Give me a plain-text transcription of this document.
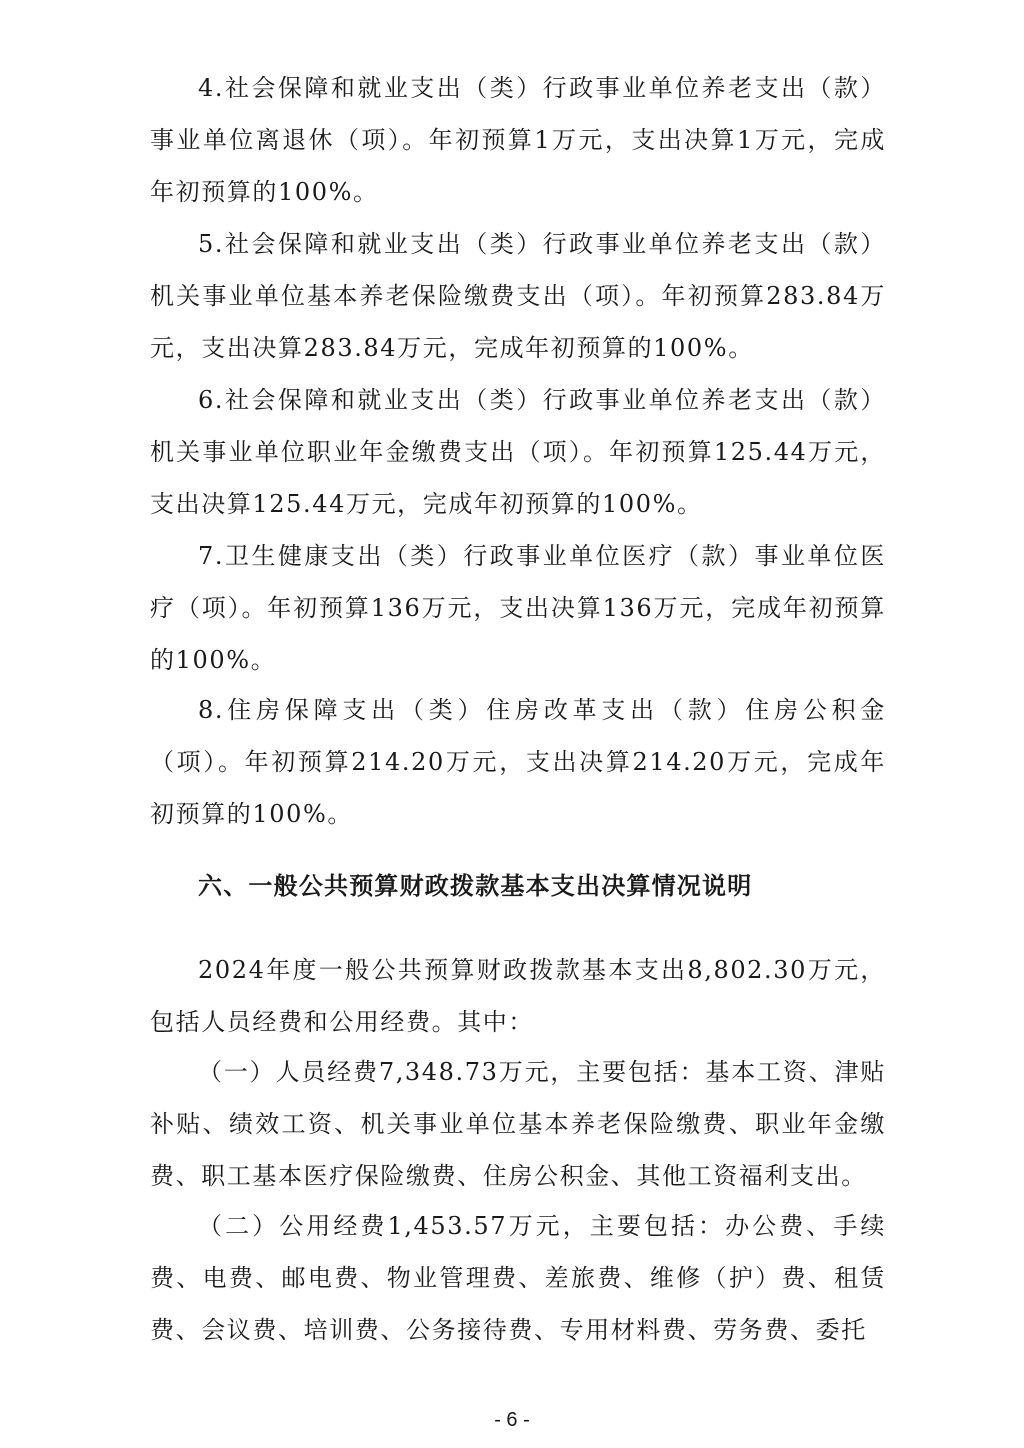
4.社会保障和就业支出（类）行政事业单位养老支出（款）事业单位离退休（项）。年初预算1万元，支出决算1万元，完成年初预算的100%。

5.社会保障和就业支出（类）行政事业单位养老支出（款）机关事业单位基本养老保险缴费支出（项）。年初预算283.84万元，支出决算283.84万元，完成年初预算的100%。

6.社会保障和就业支出（类）行政事业单位养老支出（款）机关事业单位职业年金缴费支出（项）。年初预算125.44万元，支出决算125.44万元，完成年初预算的100%。

7.卫生健康支出（类）行政事业单位医疗（款）事业单位医疗（项）。年初预算136万元，支出决算136万元，完成年初预算的100%。

8.住房保障支出（类）住房改革支出（款）住房公积金（项）。年初预算214.20万元，支出决算214.20万元，完成年初预算的100%。

六、一般公共预算财政拨款基本支出决算情况说明

2024年度一般公共预算财政拨款基本支出8,802.30万元，包括人员经费和公用经费。其中：

（一）人员经费7,348.73万元，主要包括：基本工资、津贴补贴、绩效工资、机关事业单位基本养老保险缴费、职业年金缴费、职工基本医疗保险缴费、住房公积金、其他工资福利支出。

（二）公用经费1,453.57万元，主要包括：办公费、手续费、电费、邮电费、物业管理费、差旅费、维修（护）费、租赁费、会议费、培训费、公务接待费、专用材料费、劳务费、委托

- 6 -
